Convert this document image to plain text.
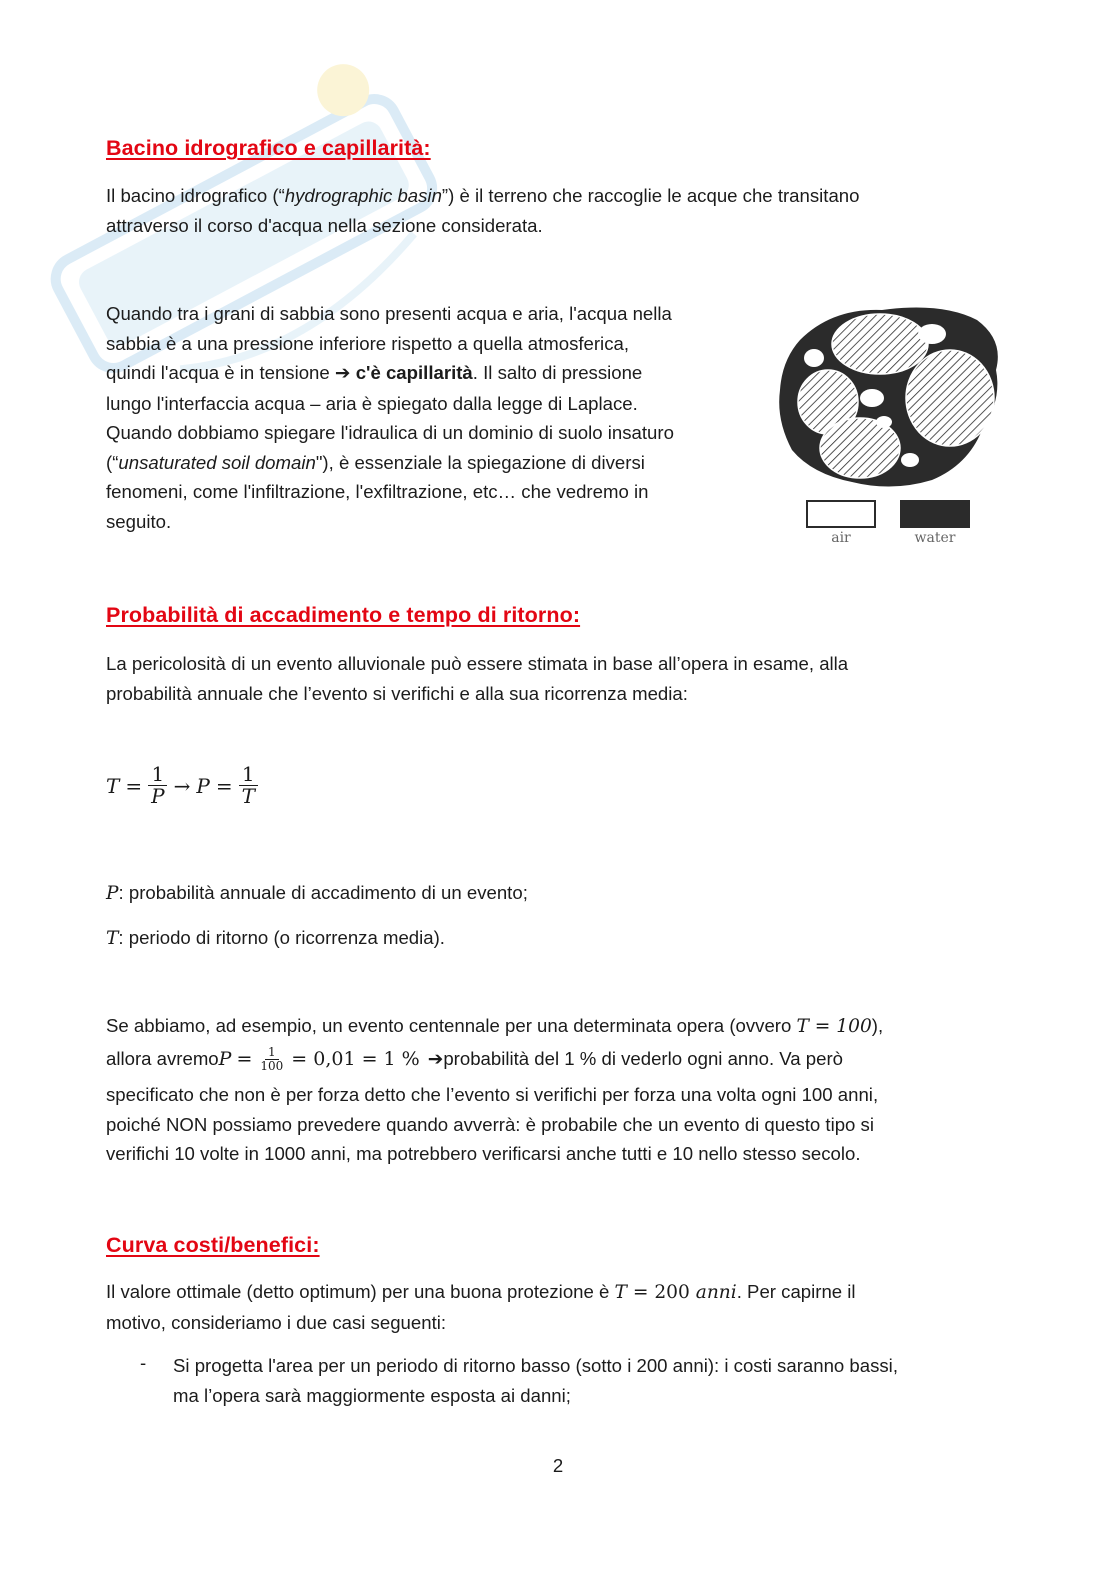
Bacino idrografico e capillarità:

Il bacino idrografico (“hydrographic basin”) è il terreno che raccoglie le acque che transitano
attraverso il corso d'acqua nella sezione considerata.

Quando tra i grani di sabbia sono presenti acqua e aria, l'acqua nella
sabbia è a una pressione inferiore rispetto a quella atmosferica,
quindi l'acqua è in tensione ➔ c'è capillarità. Il salto di pressione
lungo l'interfaccia acqua – aria è spiegato dalla legge di Laplace.
Quando dobbiamo spiegare l'idraulica di un dominio di suolo insaturo
(“unsaturated soil domain"), è essenziale la spiegazione di diversi
fenomeni, come l'infiltrazione, l'exfiltrazione, etc… che vedremo in
seguito.

air	water
Probabilità di accadimento e tempo di ritorno:

La pericolosità di un evento alluvionale può essere stimata in base all’opera in esame, alla
probabilità annuale che l’evento si verifichi e alla sua ricorrenza media:

$T = \frac{1}{P} \to P = \frac{1}{T}$

P: probabilità annuale di accadimento di un evento;

T: periodo di ritorno (o ricorrenza media).

Se abbiamo, ad esempio, un evento centennale per una determinata opera (ovvero T = 100),

allora avremo $P = \frac{1}{100} = 0,01 = 1$ % ➔ probabilità del 1 % di vederlo ogni anno. Va però

specificato che non è per forza detto che l’evento si verifichi per forza una volta ogni 100 anni,
poiché NON possiamo prevedere quando avverrà: è probabile che un evento di questo tipo si
verifichi 10 volte in 1000 anni, ma potrebbero verificarsi anche tutti e 10 nello stesso secolo.

Curva costi/benefici:

Il valore ottimale (detto optimum) per una buona protezione è T = 200 anni. Per capirne il
motivo, consideriamo i due casi seguenti:

- Si progetta l'area per un periodo di ritorno basso (sotto i 200 anni): i costi saranno bassi,
ma l’opera sarà maggiormente esposta ai danni;

2
